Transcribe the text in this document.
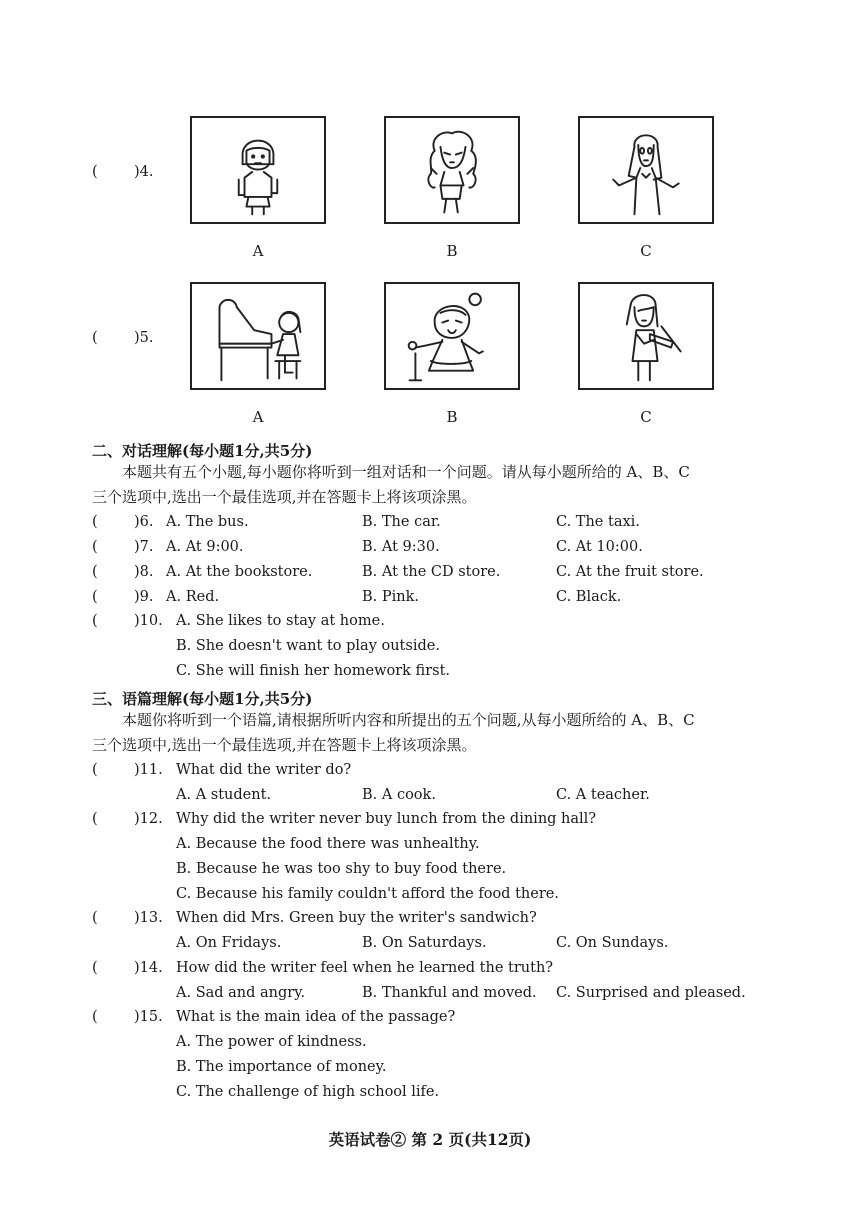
(	)4.
A	B	C
(	)5.
A	B	C
二、对话理解(每小题1分,共5分)
本题共有五个小题,每小题你将听到一组对话和一个问题。请从每小题所给的 A、B、C
三个选项中,选出一个最佳选项,并在答题卡上将该项涂黑。
(	)6. A. The bus.	B. The car.	C. The taxi.
(	)7. A. At 9:00.	B. At 9:30.	C. At 10:00.
(	)8. A. At the bookstore.	B. At the CD store.	C. At the fruit store.
(	)9. A. Red.	B. Pink.	C. Black.
(	)10. A. She likes to stay at home.
B. She doesn't want to play outside.
C. She will finish her homework first.
三、语篇理解(每小题1分,共5分)
本题你将听到一个语篇,请根据所听内容和所提出的五个问题,从每小题所给的 A、B、C
三个选项中,选出一个最佳选项,并在答题卡上将该项涂黑。
(	)11. What did the writer do?
A. A student.	B. A cook.	C. A teacher.
(	)12. Why did the writer never buy lunch from the dining hall?
A. Because the food there was unhealthy.
B. Because he was too shy to buy food there.
C. Because his family couldn't afford the food there.
(	)13. When did Mrs. Green buy the writer's sandwich?
A. On Fridays.	B. On Saturdays.	C. On Sundays.
(	)14. How did the writer feel when he learned the truth?
A. Sad and angry.	B. Thankful and moved. C. Surprised and pleased.
(	)15. What is the main idea of the passage?
A. The power of kindness.
B. The importance of money.
C. The challenge of high school life.
英语试卷② 第 2 页(共12页)
